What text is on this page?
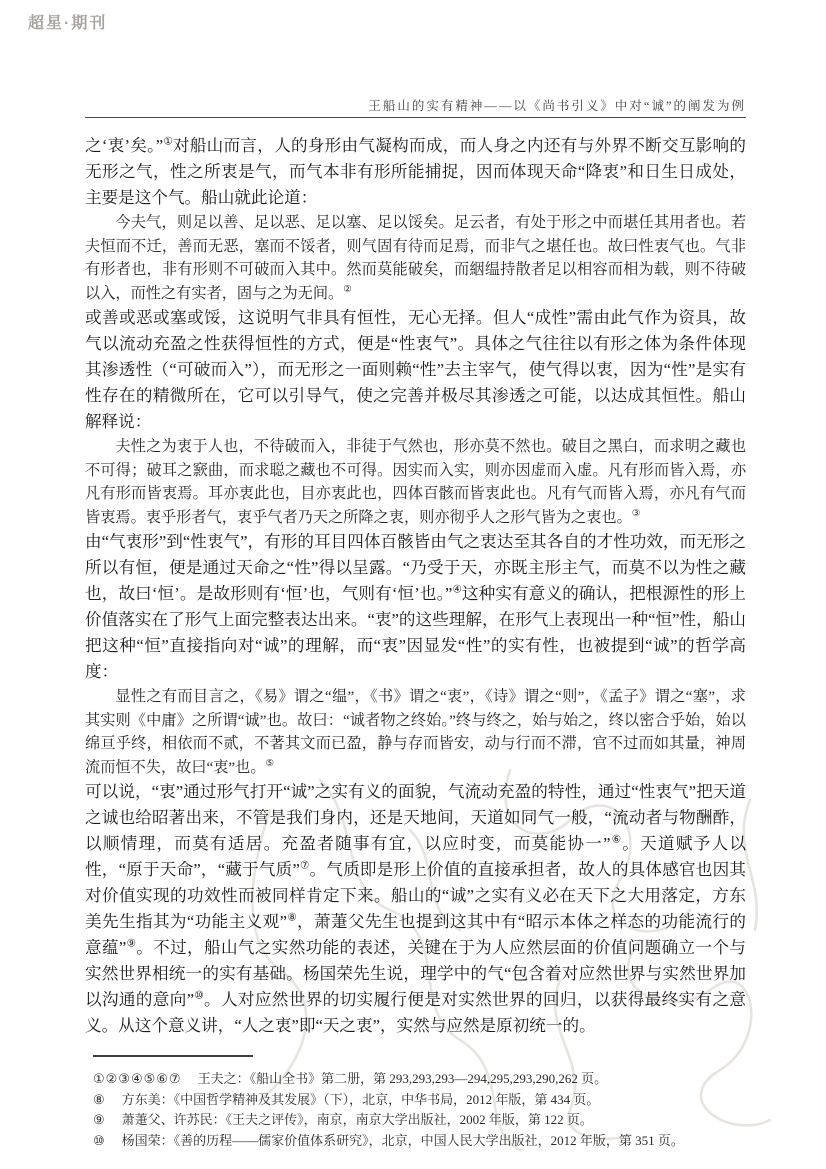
超星·期刊
王船山的实有精神——以《尚书引义》中对“诚”的阐发为例

之‘衷’矣。”①对船山而言，人的身形由气凝构而成，而人身之内还有与外界不断交互影响的无形之气，性之所衷是气，而气本非有形所能捕捉，因而体现天命“降衷”和日生日成处，主要是这个气。船山就此论道：

今夫气，则足以善、足以恶、足以塞、足以馁矣。足云者，有处于形之中而堪任其用者也。若夫恒而不迁，善而无恶，塞而不馁者，则气固有待而足焉，而非气之堪任也。故曰性衷气也。气非有形者也，非有形则不可破而入其中。然而莫能破矣，而絪缊持散者足以相容而相为载，则不待破以入，而性之有实者，固与之为无间。②

或善或恶或塞或馁，这说明气非具有恒性，无心无择。但人“成性”需由此气作为资具，故气以流动充盈之性获得恒性的方式，便是“性衷气”。具体之气往往以有形之体为条件体现其渗透性（“可破而入”），而无形之一面则赖“性”去主宰气，使气得以衷，因为“性”是实有性存在的精微所在，它可以引导气，使之完善并极尽其渗透之可能，以达成其恒性。船山解释说：

夫性之为衷于人也，不待破而入，非徒于气然也，形亦莫不然也。破目之黑白，而求明之藏也不可得；破耳之窾曲，而求聪之藏也不可得。因实而入实，则亦因虚而入虚。凡有形而皆入焉，亦凡有形而皆衷焉。耳亦衷此也，目亦衷此也，四体百骸而皆衷此也。凡有气而皆入焉，亦凡有气而皆衷焉。衷乎形者气，衷乎气者乃天之所降之衷，则亦彻乎人之形气皆为之衷也。③

由“气衷形”到“性衷气”，有形的耳目四体百骸皆由气之衷达至其各自的才性功效，而无形之所以有恒，便是通过天命之“性”得以呈露。“乃受于天，亦既主形主气，而莫不以为性之藏也，故曰‘恒’。是故形则有‘恒’也，气则有‘恒’也。”④这种实有意义的确认，把根源性的形上价值落实在了形气上面完整表达出来。“衷”的这些理解，在形气上表现出一种“恒”性，船山把这种“恒”直接指向对“诚”的理解，而“衷”因显发“性”的实有性，也被提到“诚”的哲学高度：

显性之有而目言之，《易》谓之“缊”，《书》谓之“衷”，《诗》谓之“则”，《孟子》谓之“塞”，求其实则《中庸》之所谓“诚”也。故曰：“诚者物之终始。”终与终之，始与始之，终以密合乎始，始以绵亘乎终，相依而不贰，不著其文而已盈，静与存而皆安，动与行而不滞，官不过而如其量，神周流而恒不失，故曰“衷”也。⑤

可以说，“衷”通过形气打开“诚”之实有义的面貌，气流动充盈的特性，通过“性衷气”把天道之诚也给昭著出来，不管是我们身内，还是天地间，天道如同气一般，“流动者与物酬酢，以顺情理，而莫有适居。充盈者随事有宜，以应时变，而莫能协一”⑥。天道赋予人以性，“原于天命”，“藏于气质”⑦。气质即是形上价值的直接承担者，故人的具体感官也因其对价值实现的功效性而被同样肯定下来。船山的“诚”之实有义必在天下之大用落定，方东美先生指其为“功能主义观”⑧，萧萐父先生也提到这其中有“昭示本体之样态的功能流行的意蕴”⑨。不过，船山气之实然功能的表述，关键在于为人应然层面的价值问题确立一个与实然世界相统一的实有基础。杨国荣先生说，理学中的气“包含着对应然世界与实然世界加以沟通的意向”⑩。人对应然世界的切实履行便是对实然世界的回归，以获得最终实有之意义。从这个意义讲，“人之衷”即“天之衷”，实然与应然是原初统一的。

①②③④⑤⑥⑦ 王夫之：《船山全书》第二册，第 293,293,293—294,295,293,290,262 页。
⑧ 方东美：《中国哲学精神及其发展》（下），北京，中华书局，2012 年版，第 434 页。
⑨ 萧萐父、许苏民：《王夫之评传》，南京，南京大学出版社，2002 年版，第 122 页。
⑩ 杨国荣：《善的历程——儒家价值体系研究》，北京，中国人民大学出版社，2012 年版，第 351 页。
